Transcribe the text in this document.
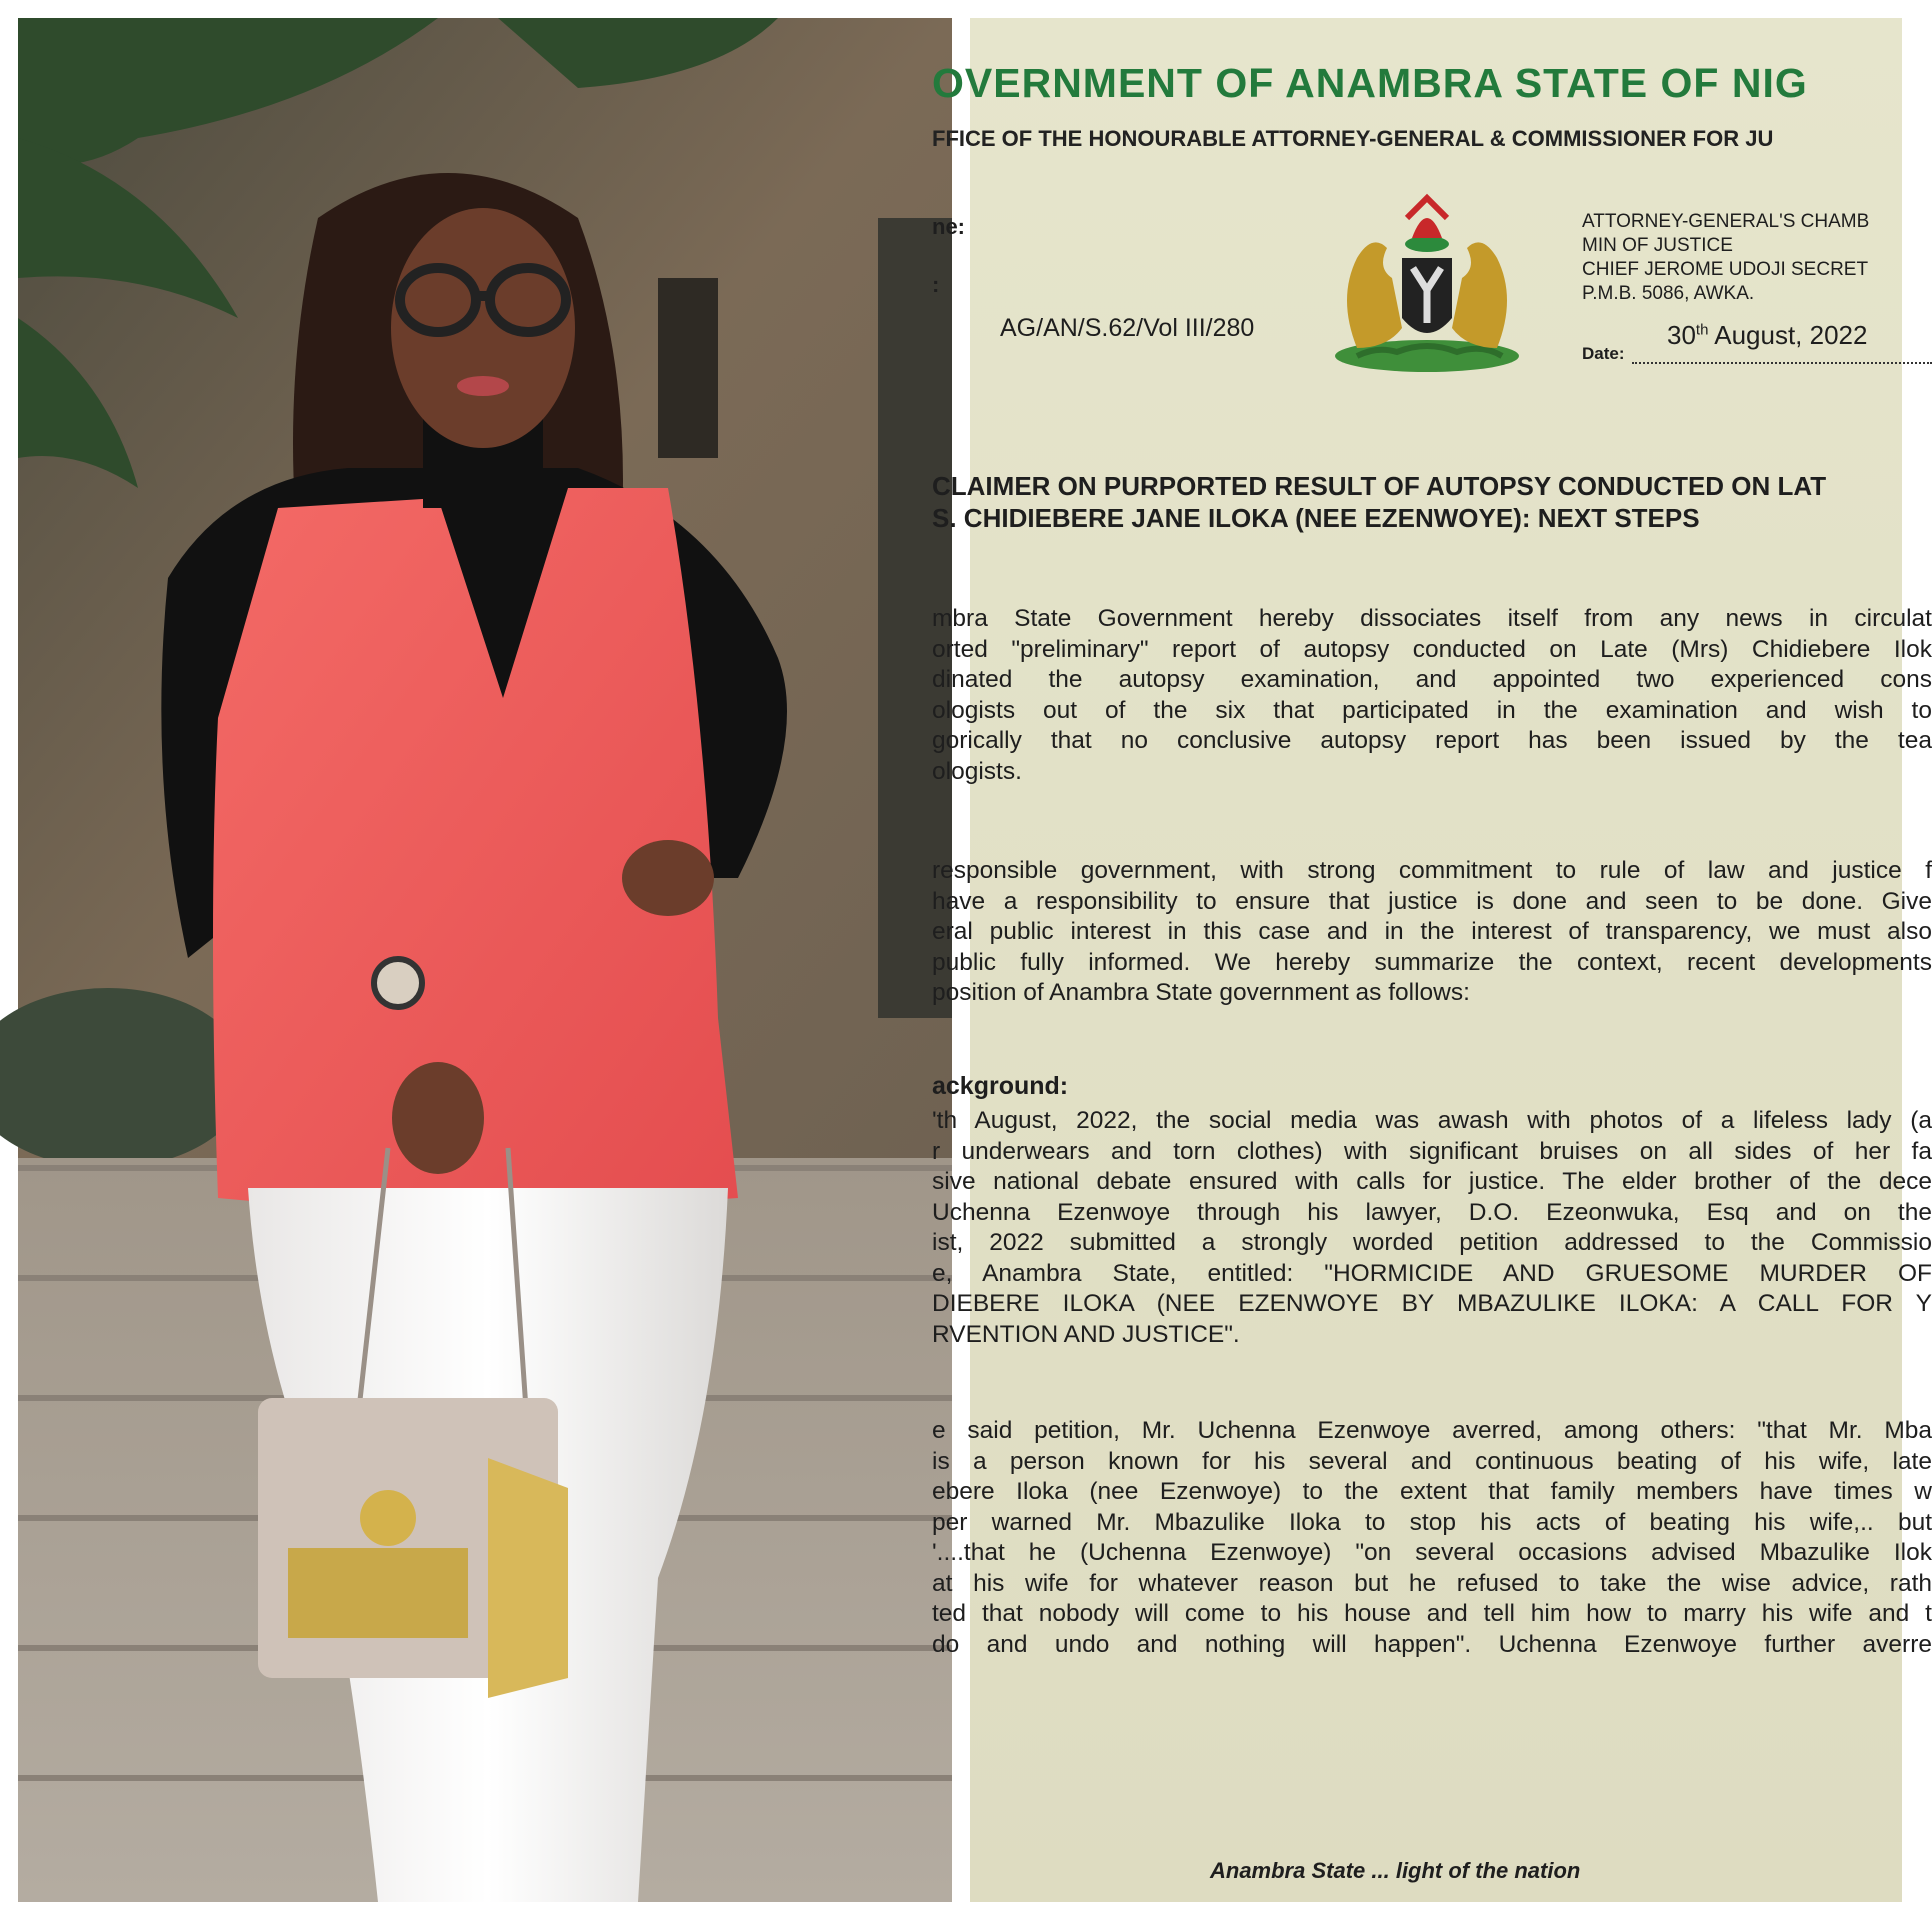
OVERNMENT OF ANAMBRA STATE OF NIG
FFICE OF THE HONOURABLE ATTORNEY-GENERAL & COMMISSIONER FOR JU
ne:
:
AG/AN/S.62/Vol III/280
ATTORNEY-GENERAL'S CHAMB
MIN OF JUSTICE
CHIEF JEROME UDOJI SECRET
P.M.B. 5086, AWKA.
30th August, 2022
Date:
CLAIMER ON PURPORTED RESULT OF AUTOPSY CONDUCTED ON LAT
S. CHIDIEBERE JANE ILOKA (NEE EZENWOYE): NEXT STEPS
mbra State Government hereby dissociates itself from any news in circulat
orted "preliminary" report of autopsy conducted on Late (Mrs) Chidiebere Ilok
dinated the autopsy examination, and appointed two experienced cons
ologists out of the six that participated in the examination and wish to
gorically that no conclusive autopsy report has been issued by the tea
ologists.
responsible government, with strong commitment to rule of law and justice f
have a responsibility to ensure that justice is done and seen to be done. Give
eral public interest in this case and in the interest of transparency, we must also
public fully informed. We hereby summarize the context, recent developments
position of Anambra State government as follows:
ackground:
'th August, 2022, the social media was awash with photos of a lifeless lady (a
r underwears and torn clothes) with significant bruises on all sides of her fa
sive national debate ensured with calls for justice. The elder brother of the dece
Uchenna Ezenwoye through his lawyer, D.O. Ezeonwuka, Esq and on the
ist, 2022 submitted a strongly worded petition addressed to the Commissio
e, Anambra State, entitled: "HORMICIDE AND GRUESOME MURDER OF
DIEBERE ILOKA (NEE EZENWOYE BY MBAZULIKE ILOKA: A CALL FOR Y
RVENTION AND JUSTICE".
e said petition, Mr. Uchenna Ezenwoye averred, among others: "that Mr. Mba
is a person known for his several and continuous beating of his wife, late
ebere Iloka (nee Ezenwoye) to the extent that family members have times w
per warned Mr. Mbazulike Iloka to stop his acts of beating his wife,.. but
'....that he (Uchenna Ezenwoye) "on several occasions advised Mbazulike Ilok
at his wife for whatever reason but he refused to take the wise advice, rath
ted that nobody will come to his house and tell him how to marry his wife and t
do and undo and nothing will happen". Uchenna Ezenwoye further averre
Anambra State ... light of the nation
